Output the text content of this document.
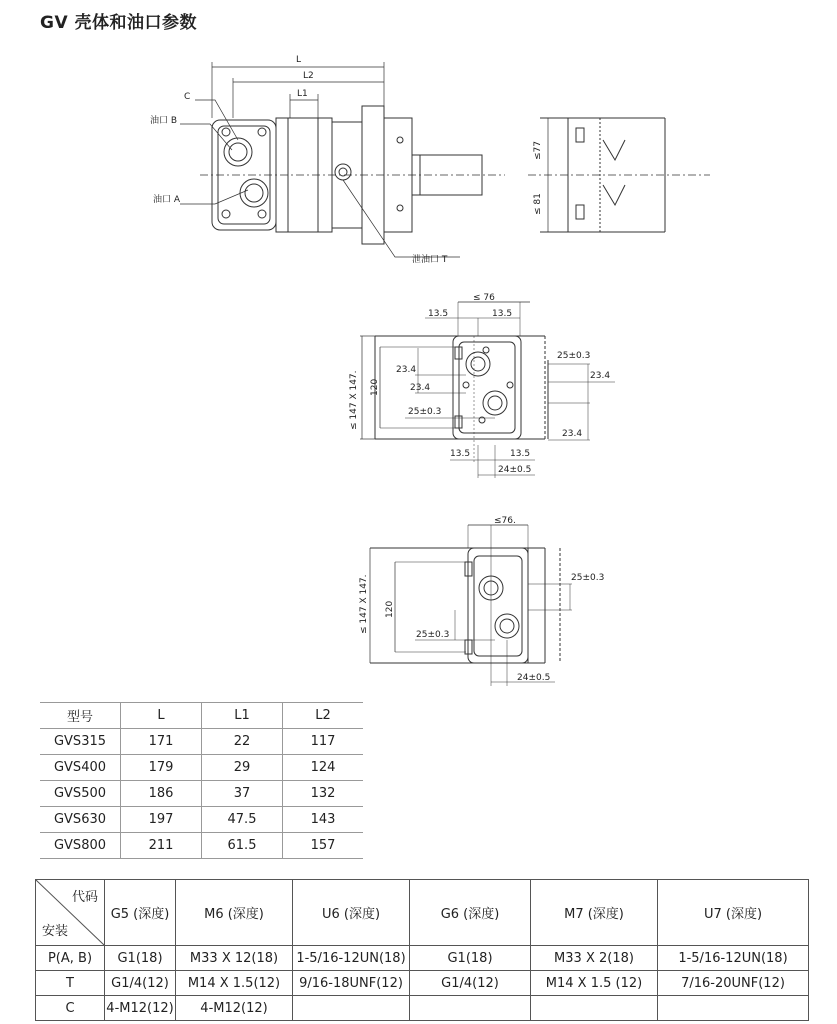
GV 壳体和油口参数
L
L2
L1
C
油口 B
油口 A
泄油口 T
≤77
≤ 81
≤ 76
13.5	13.5
25±0.3
23.4
23.4
23.4
25±0.3
23.4
13.5	13.5
24±0.5
≤ 147 X 147. 120
≤76.
25±0.3
25±0.3
24±0.5
≤ 147 X 147. 120
型号	L	L1	L2
GVS315	171	22	117
GVS400	179	29	124
GVS500	186	37	132
GVS630	197	47.5	143
GVS800	211	61.5	157
代码
安装	G5 (深度)	M6 (深度)	U6 (深度)	G6 (深度)	M7 (深度)	U7 (深度)
P(A, B)	G1(18)	M33 X 12(18)	1-5/16-12UN(18)	G1(18)	M33 X 2(18)	1-5/16-12UN(18)
T	G1/4(12)	M14 X 1.5(12)	9/16-18UNF(12)	G1/4(12)	M14 X 1.5 (12)	7/16-20UNF(12)
C	4-M12(12)	4-M12(12)				
